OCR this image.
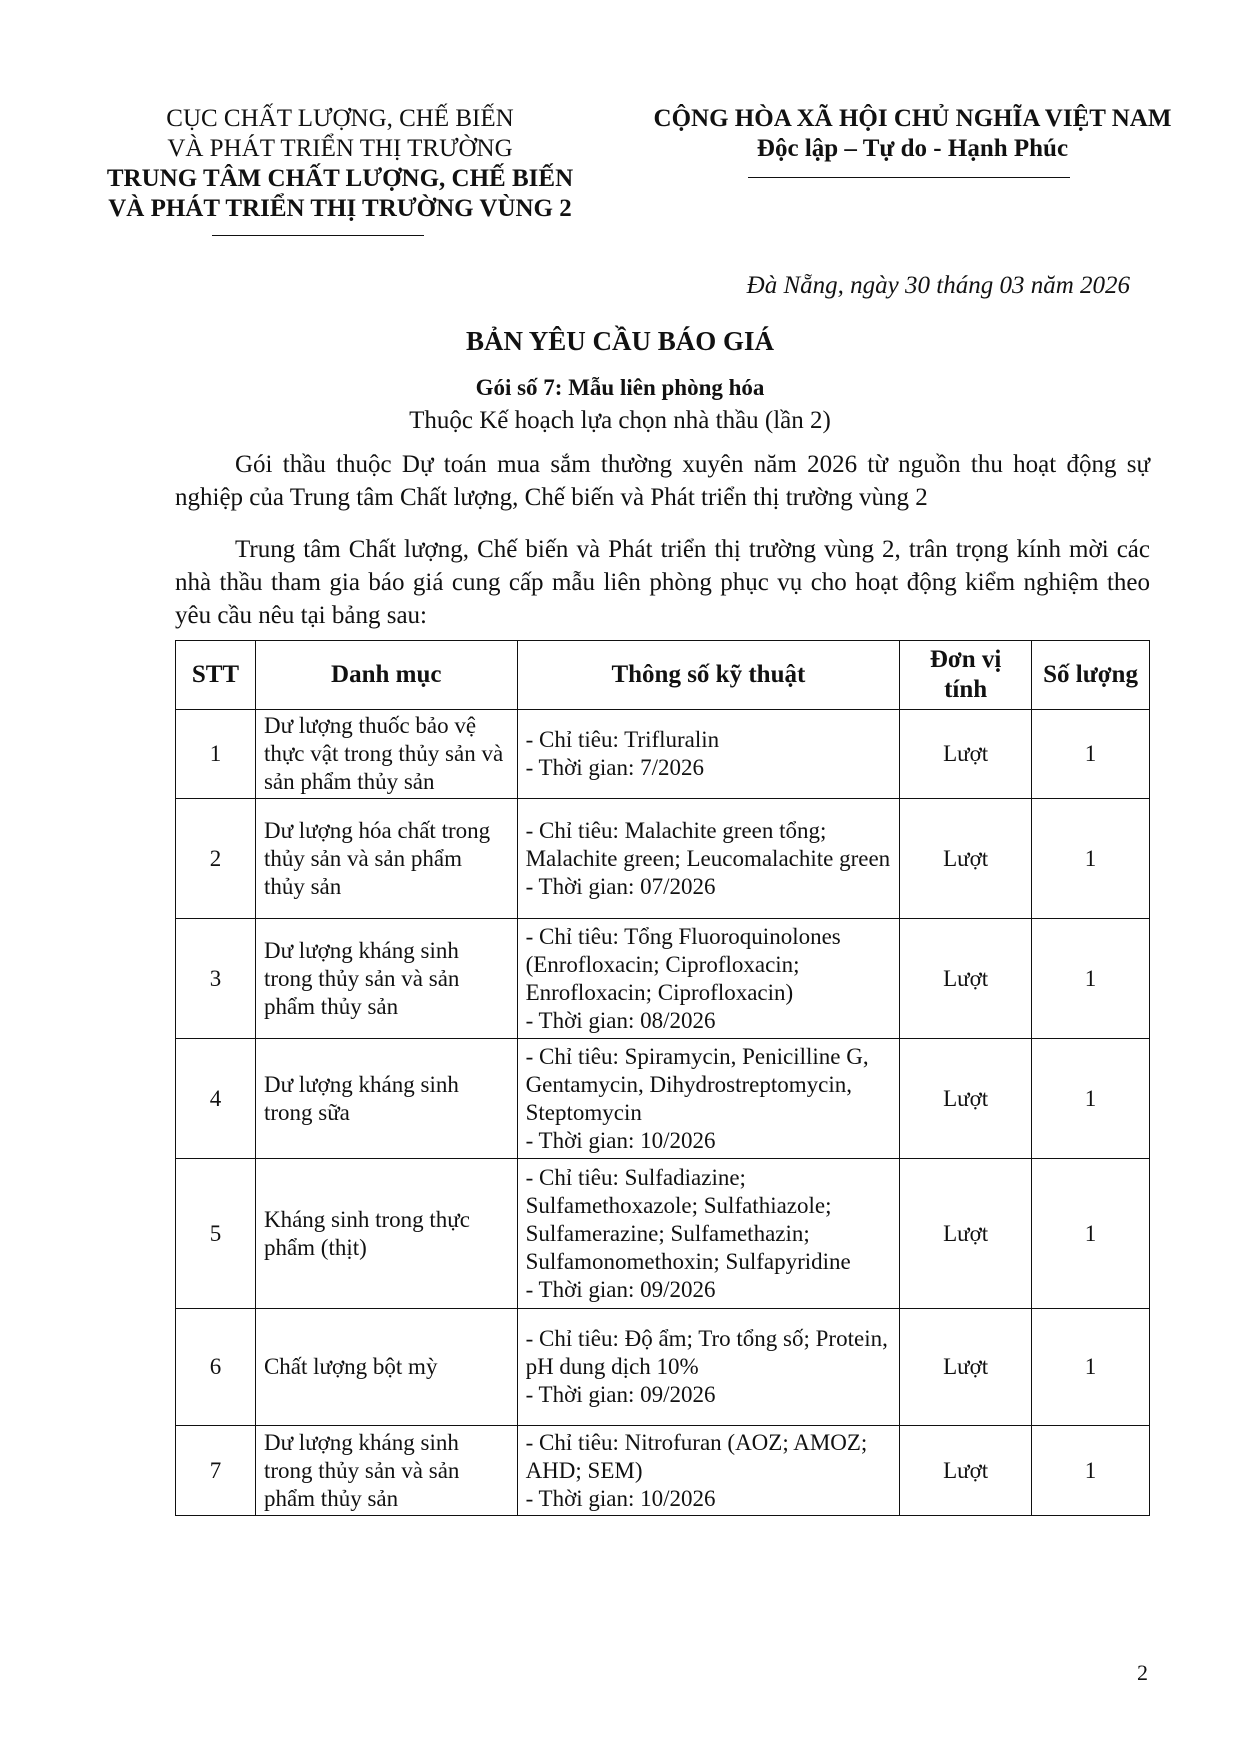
CỤC CHẤT LƯỢNG, CHẾ BIẾN
VÀ PHÁT TRIỂN THỊ TRƯỜNG
TRUNG TÂM CHẤT LƯỢNG, CHẾ BIẾN
VÀ PHÁT TRIỂN THỊ TRƯỜNG VÙNG 2
CỘNG HÒA XÃ HỘI CHỦ NGHĨA VIỆT NAM
Độc lập – Tự do - Hạnh Phúc
Đà Nẵng, ngày 30 tháng 03 năm 2026
BẢN YÊU CẦU BÁO GIÁ
Gói số 7: Mẫu liên phòng hóa
Thuộc Kế hoạch lựa chọn nhà thầu (lần 2)
Gói thầu thuộc Dự toán mua sắm thường xuyên năm 2026 từ nguồn thu hoạt động sự nghiệp của Trung tâm Chất lượng, Chế biến và Phát triển thị trường vùng 2
Trung tâm Chất lượng, Chế biến và Phát triển thị trường vùng 2, trân trọng kính mời các nhà thầu tham gia báo giá cung cấp mẫu liên phòng phục vụ cho hoạt động kiểm nghiệm theo yêu cầu nêu tại bảng sau:
STT	Danh mục	Thông số kỹ thuật	Đơn vị tính	Số lượng
1	Dư lượng thuốc bảo vệ thực vật trong thủy sản và sản phẩm thủy sản	- Chỉ tiêu: Trifluralin
- Thời gian: 7/2026	Lượt	1
2	Dư lượng hóa chất trong thủy sản và sản phẩm thủy sản	- Chỉ tiêu: Malachite green tổng; Malachite green; Leucomalachite green
- Thời gian: 07/2026	Lượt	1
3	Dư lượng kháng sinh trong thủy sản và sản phẩm thủy sản	- Chỉ tiêu: Tổng Fluoroquinolones (Enrofloxacin; Ciprofloxacin; Enrofloxacin; Ciprofloxacin)
- Thời gian: 08/2026	Lượt	1
4	Dư lượng kháng sinh trong sữa	- Chỉ tiêu: Spiramycin, Penicilline G, Gentamycin, Dihydrostreptomycin, Steptomycin
- Thời gian: 10/2026	Lượt	1
5	Kháng sinh trong thực phẩm (thịt)	- Chỉ tiêu: Sulfadiazine; Sulfamethoxazole; Sulfathiazole; Sulfamerazine; Sulfamethazin; Sulfamonomethoxin; Sulfapyridine
- Thời gian: 09/2026	Lượt	1
6	Chất lượng bột mỳ	- Chỉ tiêu: Độ ẩm; Tro tổng số; Protein, pH dung dịch 10%
- Thời gian: 09/2026	Lượt	1
7	Dư lượng kháng sinh trong thủy sản và sản phẩm thủy sản	- Chỉ tiêu: Nitrofuran (AOZ; AMOZ; AHD; SEM)
- Thời gian: 10/2026	Lượt	1
2
